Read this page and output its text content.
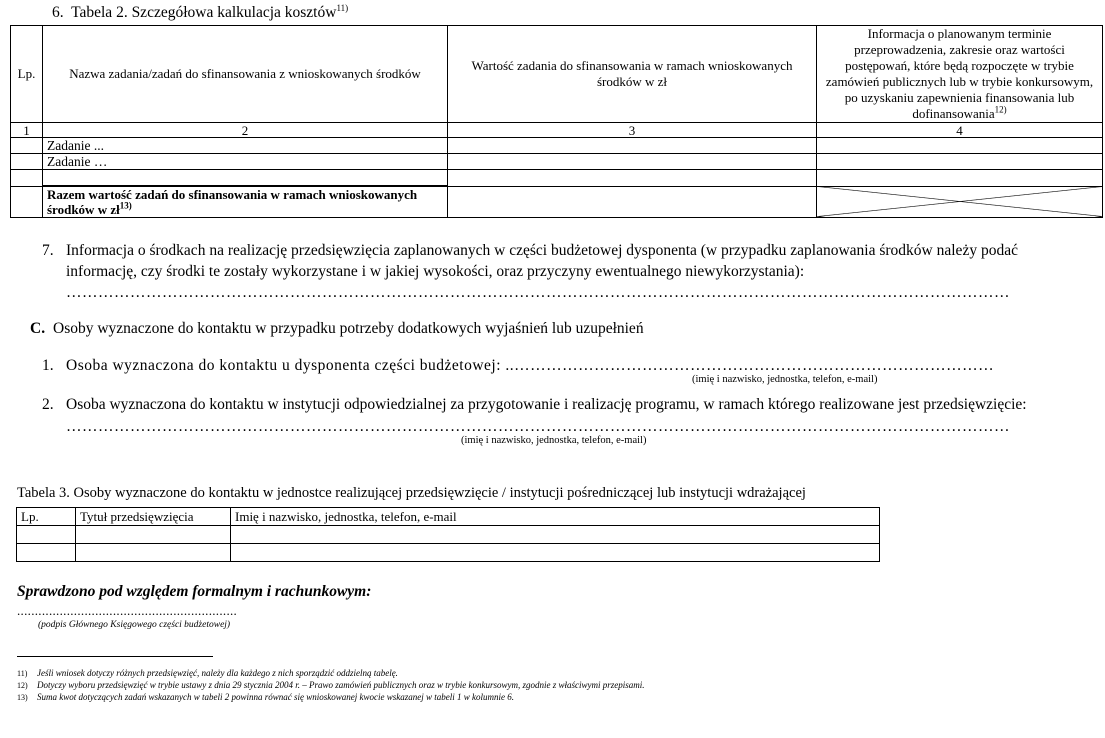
6. Tabela 2. Szczegółowa kalkulacja kosztów$^{11)}$
Lp.	Nazwa zadania/zadań do sfinansowania z wnioskowanych środków	Wartość zadania do sfinansowania w ramach wnioskowanych środków w zł	Informacja o planowanym terminie przeprowadzenia, zakresie oraz wartości postępowań, które będą rozpoczęte w trybie zamówień publicznych lub w trybie konkursowym, po uzyskaniu zapewnienia finansowania lub dofinansowania$^{12)}$
1	2	3	4
	Zadanie ...		
	Zadanie …		

	Razem wartość zadań do sfinansowania w ramach wnioskowanych środków w $zł^{13)}$		
7. Informacja o środkach na realizację przedsięwzięcia zaplanowanych w części budżetowej dysponenta (w przypadku zaplanowania środków należy podać informację, czy środki te zostały wykorzystane i w jakiej wysokości, oraz przyczyny ewentualnego niewykorzystania):
……………………………………………………………………………………………………………………………………………………………
C. Osoby wyznaczone do kontaktu w przypadku potrzeby dodatkowych wyjaśnień lub uzupełnień
1. Osoba wyznaczona do kontaktu u dysponenta części budżetowej: ..………………………………………………………………………………
(imię i nazwisko, jednostka, telefon, e-mail)
2. Osoba wyznaczona do kontaktu w instytucji odpowiedzialnej za przygotowanie i realizację programu, w ramach którego realizowane jest przedsięwzięcie:
……………………………………………………………………………………………………………………………………………………………
(imię i nazwisko, jednostka, telefon, e-mail)
Tabela 3. Osoby wyznaczone do kontaktu w jednostce realizującej przedsięwzięcie / instytucji pośredniczącej lub instytucji wdrażającej
Lp.	Tytuł przedsięwzięcia	Imię i nazwisko, jednostka, telefon, e-mail

Sprawdzono pod względem formalnym i rachunkowym:
..............................................................
(podpis Głównego Księgowego części budżetowej)
11) Jeśli wniosek dotyczy różnych przedsięwzięć, należy dla każdego z nich sporządzić oddzielną tabelę.
12) Dotyczy wyboru przedsięwzięć w trybie ustawy z dnia 29 stycznia 2004 r. – Prawo zamówień publicznych oraz w trybie konkursowym, zgodnie z właściwymi przepisami.
13) Suma kwot dotyczących zadań wskazanych w tabeli 2 powinna równać się wnioskowanej kwocie wskazanej w tabeli 1 w kolumnie 6.
